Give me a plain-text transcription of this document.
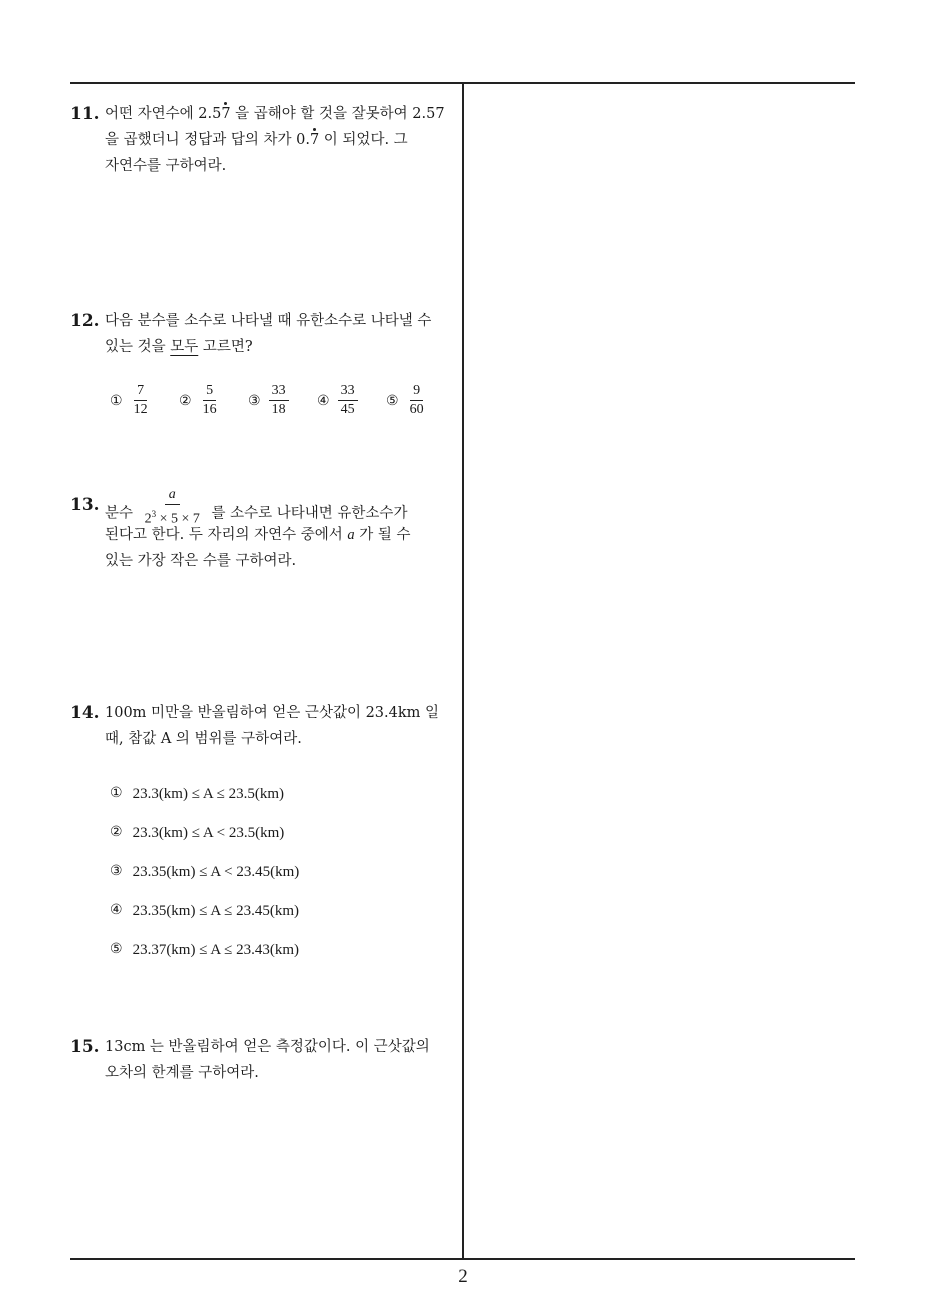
11. 어떤 자연수에 2.57 을 곱해야 할 것을 잘못하여 2.57
을 곱했더니 정답과 답의 차가 0.7 이 되었다. 그
자연수를 구하여라.
12. 다음 분수를 소수로 나타낼 때 유한소수로 나타낼 수
있는 것을 모두 고르면?
① $\frac{7}{12}$ ② $\frac{5}{16}$ ③ $\frac{33}{18}$ ④ $\frac{33}{45}$ ⑤ $\frac{9}{60}$
13. 분수 $\frac{a}{2^3 \times 5 \times 7}$ 를 소수로 나타내면 유한소수가
된다고 한다. 두 자리의 자연수 중에서 a 가 될 수
있는 가장 작은 수를 구하여라.
14. 100m 미만을 반올림하여 얻은 근삿값이 23.4km 일
때, 참값 A 의 범위를 구하여라.
① 23.3(km) ≤ A ≤ 23.5(km)
② 23.3(km) ≤ A < 23.5(km)
③ 23.35(km) ≤ A < 23.45(km)
④ 23.35(km) ≤ A ≤ 23.45(km)
⑤ 23.37(km) ≤ A ≤ 23.43(km)
15. 13cm 는 반올림하여 얻은 측정값이다. 이 근삿값의
오차의 한계를 구하여라.
2
